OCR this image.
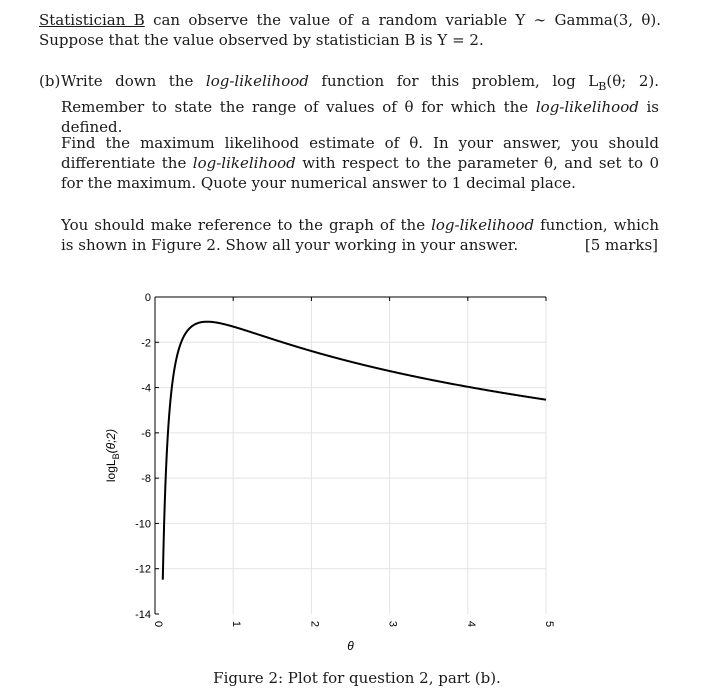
Statistician B can observe the value of a random variable Y ∼ Gamma(3, θ). Suppose that the value observed by statistician B is Y = 2.

(b) Write down the log-likelihood function for this problem, $\log L_B(\theta$; 2). Remember to state the range of values of θ for which the log-likelihood is defined.

Find the maximum likelihood estimate of θ. In your answer, you should differentiate the log-likelihood with respect to the parameter θ, and set to 0 for the maximum. Quote your numerical answer to 1 decimal place.

You should make reference to the graph of the log-likelihood function, which is shown in Figure 2. Show all your working in your answer.	[5 marks]
0	1	2	3	4	5
0
-2
-4
-6
-8
-10
-12
-14
θ
logL$_B$(θ;2)
Figure 2: Plot for question 2, part (b).
